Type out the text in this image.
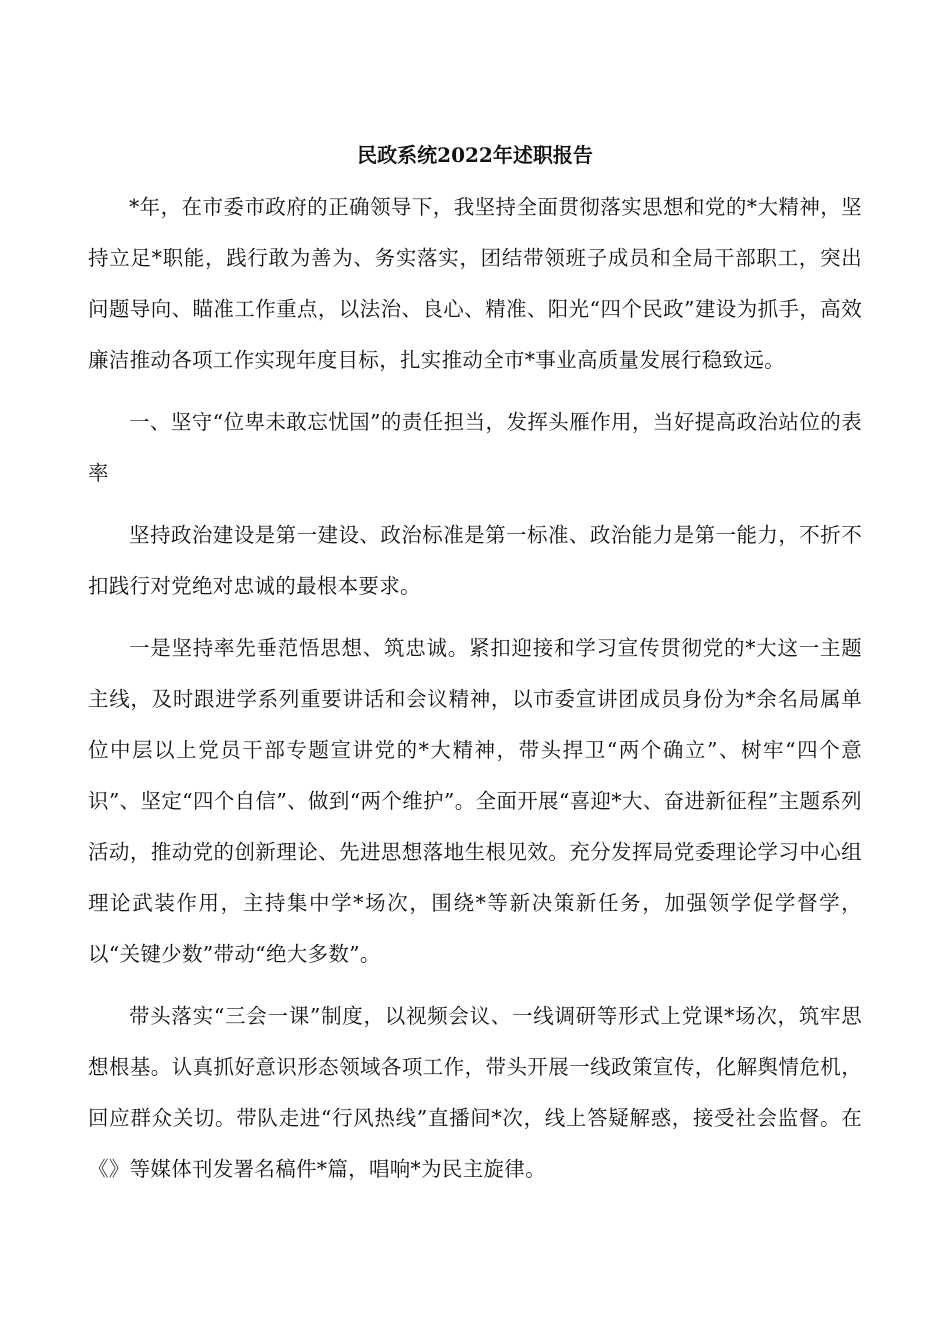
民政系统2022年述职报告

*年，在市委市政府的正确领导下，我坚持全面贯彻落实思想和党的*大精神，坚持立足*职能，践行敢为善为、务实落实，团结带领班子成员和全局干部职工，突出问题导向、瞄准工作重点，以法治、良心、精准、阳光“四个民政”建设为抓手，高效廉洁推动各项工作实现年度目标，扎实推动全市*事业高质量发展行稳致远。

一、坚守“位卑未敢忘忧国”的责任担当，发挥头雁作用，当好提高政治站位的表率

坚持政治建设是第一建设、政治标准是第一标准、政治能力是第一能力，不折不扣践行对党绝对忠诚的最根本要求。

一是坚持率先垂范悟思想、筑忠诚。紧扣迎接和学习宣传贯彻党的*大这一主题主线，及时跟进学系列重要讲话和会议精神，以市委宣讲团成员身份为*余名局属单位中层以上党员干部专题宣讲党的*大精神，带头捍卫“两个确立”、树牢“四个意识”、坚定“四个自信”、做到“两个维护”。全面开展“喜迎*大、奋进新征程”主题系列活动，推动党的创新理论、先进思想落地生根见效。充分发挥局党委理论学习中心组理论武装作用，主持集中学*场次，围绕*等新决策新任务，加强领学促学督学，以“关键少数”带动“绝大多数”。

带头落实“三会一课”制度，以视频会议、一线调研等形式上党课*场次，筑牢思想根基。认真抓好意识形态领域各项工作，带头开展一线政策宣传，化解舆情危机，回应群众关切。带队走进“行风热线”直播间*次，线上答疑解惑，接受社会监督。在《》等媒体刊发署名稿件*篇，唱响*为民主旋律。
